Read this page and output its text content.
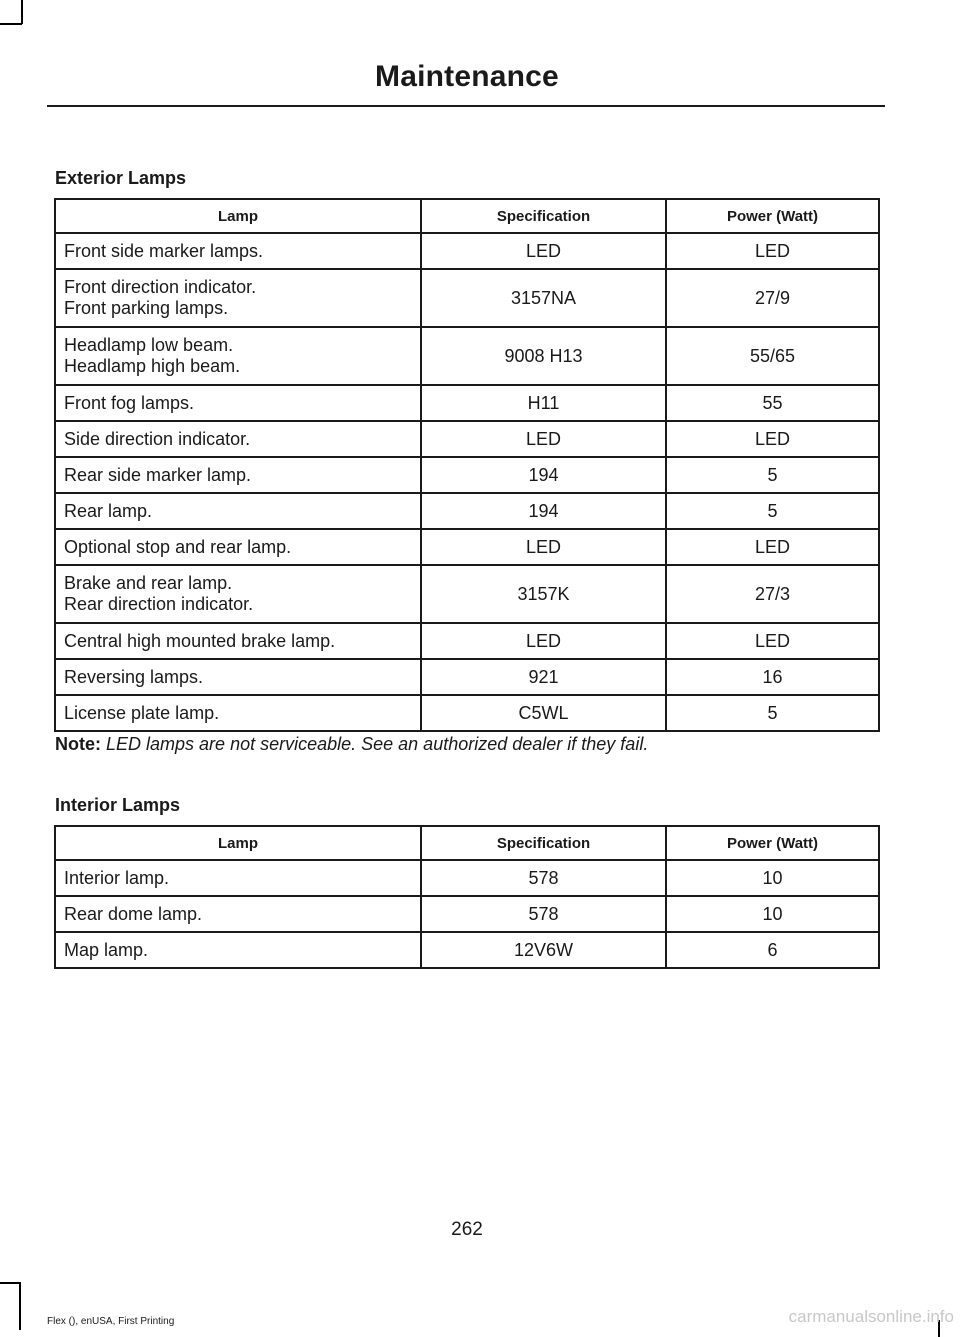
Maintenance
Exterior Lamps
Lamp	Specification	Power (Watt)

Front side marker lamps.	LED	LED

Front direction indicator.
Front parking lamps.	3157NA	27/9

Headlamp low beam.
Headlamp high beam.	9008 H13	55/65

Front fog lamps.	H11	55

Side direction indicator.	LED	LED

Rear side marker lamp.	194	5

Rear lamp.	194	5

Optional stop and rear lamp.	LED	LED

Brake and rear lamp.
Rear direction indicator.	3157K	27/3

Central high mounted brake lamp.	LED	LED

Reversing lamps.	921	16

License plate lamp.	C5WL	5
Note: LED lamps are not serviceable. See an authorized dealer if they fail.
Interior Lamps
Lamp	Specification	Power (Watt)

Interior lamp.	578	10

Rear dome lamp.	578	10

Map lamp.	12V6W	6
262
Flex (), enUSA, First Printing	carmanualsonline.info
